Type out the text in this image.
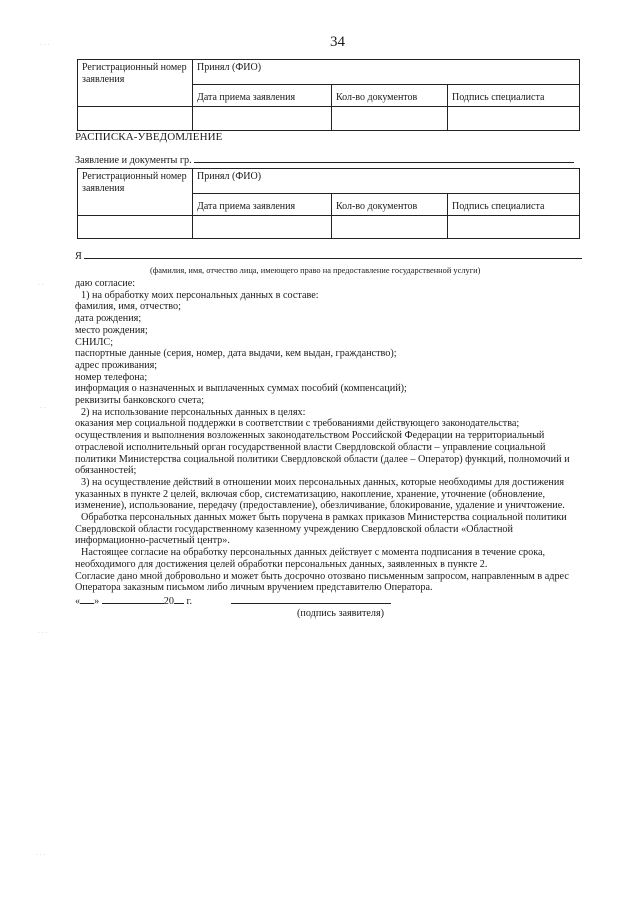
34
Регистрационный номер заявления	Принял (ФИО)		
	Дата приема заявления	Кол-во документов	Подпись специалиста

РАСПИСКА-УВЕДОМЛЕНИЕ
Заявление и документы гр.
Регистрационный номер заявления	Принял (ФИО)		
	Дата приема заявления	Кол-во документов	Подпись специалиста

Я
(фамилия, имя, отчество лица, имеющего право на предоставление государственной услуги)
даю согласие:
1) на обработку моих персональных данных в составе:
фамилия, имя, отчество;
дата рождения;
место рождения;
СНИЛС;
паспортные данные (серия, номер, дата выдачи, кем выдан, гражданство);
адрес проживания;
номер телефона;
информация о назначенных и выплаченных суммах пособий (компенсаций);
реквизиты банковского счета;
2) на использование персональных данных в целях:
оказания мер социальной поддержки в соответствии с требованиями действующего законодательства;
осуществления и выполнения возложенных законодательством Российской Федерации на территориальный
отраслевой исполнительный орган государственной власти Свердловской области – управление социальной
политики Министерства социальной политики Свердловской области (далее – Оператор) функций, полномочий и
обязанностей;
3) на осуществление действий в отношении моих персональных данных, которые необходимы для достижения
указанных в пункте 2 целей, включая сбор, систематизацию, накопление, хранение, уточнение (обновление,
изменение), использование, передачу (предоставление), обезличивание, блокирование, удаление и уничтожение.
Обработка персональных данных может быть поручена в рамках приказов Министерства социальной политики
Свердловской области государственному казенному учреждению Свердловской области «Областной
информационно-расчетный центр».
Настоящее согласие на обработку персональных данных действует с момента подписания в течение срока,
необходимого для достижения целей обработки персональных данных, заявленных в пункте 2.
Согласие дано мной добровольно и может быть досрочно отозвано письменным запросом, направленным в адрес
Оператора заказным письмом либо личным вручением представителю Оператора.
« »	20 г.
(подпись заявителя)
· · ·
· ·
· ·
· · ·
· · ·
